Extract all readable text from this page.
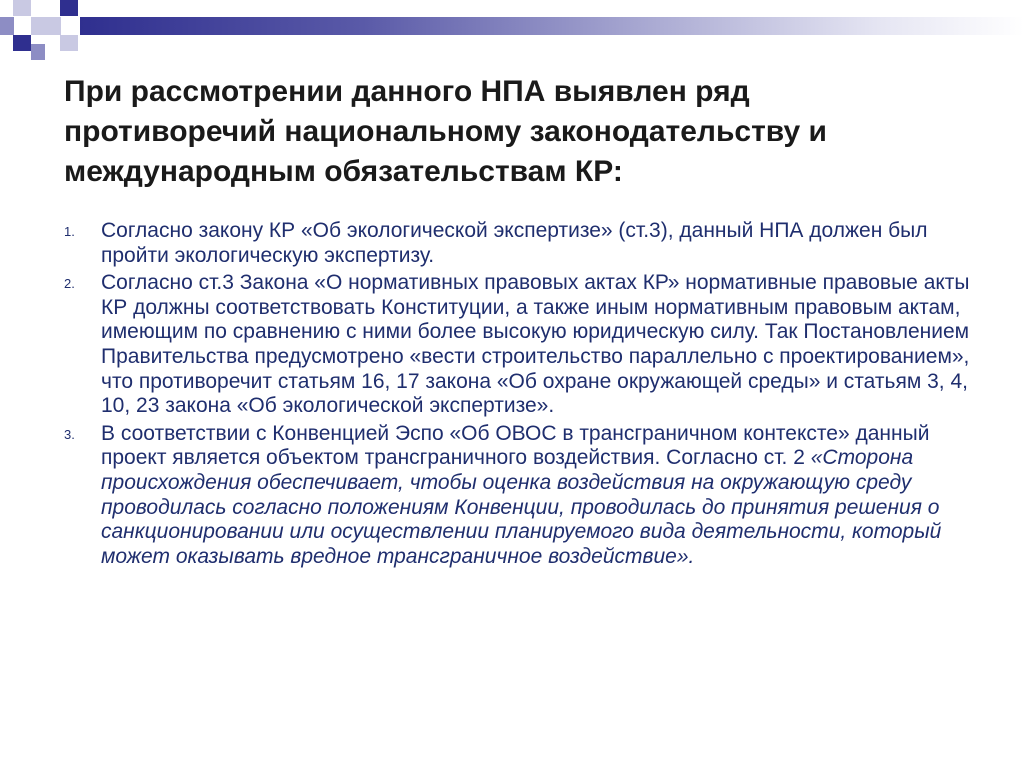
При рассмотрении данного НПА выявлен ряд противоречий национальному законодательству и международным обязательствам КР:
1. Согласно закону КР «Об экологической экспертизе» (ст.3), данный НПА должен был пройти экологическую экспертизу.
2. Согласно ст.3 Закона «О нормативных правовых актах КР» нормативные правовые акты КР должны соответствовать Конституции, а также иным нормативным правовым актам, имеющим по сравнению с ними более высокую юридическую силу. Так Постановлением Правительства предусмотрено «вести строительство параллельно с проектированием», что противоречит статьям 16, 17 закона «Об охране окружающей среды» и статьям 3, 4, 10, 23 закона «Об экологической экспертизе».
3. В соответствии с Конвенцией Эспо «Об ОВОС в трансграничном контексте» данный проект является объектом трансграничного воздействия. Согласно ст. 2 «Сторона происхождения обеспечивает, чтобы оценка воздействия на окружающую среду проводилась согласно положениям Конвенции, проводилась до принятия решения о санкционировании или осуществлении планируемого вида деятельности, который может оказывать вредное трансграничное воздействие».
